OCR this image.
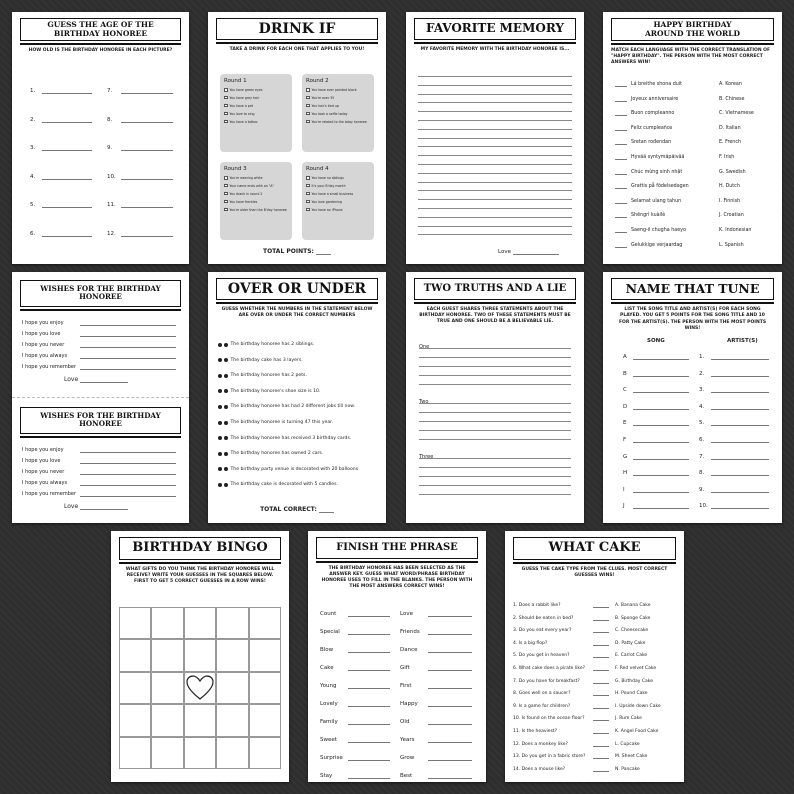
GUESS THE AGE OF THE
BIRTHDAY HONOREE
HOW OLD IS THE BIRTHDAY HONOREE IN EACH PICTURE?
1.	7.
2.	8.
3.	9.
4.	10.
5.	11.
6.	12.
DRINK IF
TAKE A DRINK FOR EACH ONE THAT APPLIES TO YOU!
TOTAL POINTS: _____
Round 1
You have green eyes
You have grey hair
You have a pet
You love to sing
You have a tattoo
Round 2
You have ever painted black
You're over 35
You hair's tied up
You took a selfie today
You're related to the bday honoree
Round 3
You're wearing white
Your name ends with an "A"
You drank in round 2
You have freckles
You're older than the B'day honoree
Round 4
You have no siblings
It's your B'day month
You have a small business
You love gardening
You have an iPhone
FAVORITE MEMORY
MY FAVORITE MEMORY WITH THE BIRTHDAY HONOREE IS...
Love
HAPPY BIRTHDAY
AROUND THE WORLD
MATCH EACH LANGUAGE WITH THE CORRECT TRANSLATION OF "HAPPY BIRTHDAY". THE PERSON WITH THE MOST CORRECT ANSWERS WIN!
Lá breithe shona duit	A. Korean
Joyeux anniversaire	B. Chinese
Buon compleanno	C. Vietnamese
Feliz cumpleaños	D. Italian
Sretan rođendan	E. French
Hyvää syntymäpäivää	F. Irish
Chúc mừng sinh nhật	G. Swedish
Grattis på födelsedagen	H. Dutch
Selamat ulang tahun	I. Finnish
Shēngrì kuàilè	J. Croatian
Saeng-il chugha haeyo	K. Indonesian
Gelukkige verjaardag	L. Spanish
WISHES FOR THE BIRTHDAY HONOREE
I hope you enjoy
I hope you love
I hope you never
I hope you always
I hope you remember
Love
WISHES FOR THE BIRTHDAY HONOREE
I hope you enjoy
I hope you love
I hope you never
I hope you always
I hope you remember
Love
OVER OR UNDER
GUESS WHETHER THE NUMBERS IN THE STATEMENT BELOW ARE OVER OR UNDER THE CORRECT NUMBERS
TOTAL CORRECT: _____
The birthday honoree has 2 siblings.
The birthday cake has 3 layers.
The birthday honoree has 2 pets.
The birthday honoree's shoe size is 10.
The birthday honoree has had 2 different jobs till now.
The birthday honoree is turning 47 this year.
The birthday honoree has received 3 birthday cards.
The birthday honoree has owned 2 cars.
The birthday party venue is decorated with 20 balloons
The birthday cake is decorated with 5 candles.
TWO TRUTHS AND A LIE
EACH GUEST SHARES THREE STATEMENTS ABOUT THE BIRTHDAY HONOREE. TWO OF THESE STATEMENTS MUST BE TRUE AND ONE SHOULD BE A BELIEVABLE LIE.
One
Two
Three
NAME THAT TUNE
LIST THE SONG TITLE AND ARTIST(S) FOR EACH SONG PLAYED. YOU GET 5 POINTS FOR THE SONG TITLE AND 10 FOR THE ARTIST(S). THE PERSON WITH THE MOST POINTS WINS!
SONG	ARTIST(S)
A	1.
B	2.
C	3.
D	4.
E	5.
F	6.
G	7.
H	8.
I	9.
J	10.
BIRTHDAY BINGO
WHAT GIFTS DO YOU THINK THE BIRTHDAY HONOREE WILL RECEIVE? WRITE YOUR GUESSES IN THE SQUARES BELOW. FIRST TO GET 5 CORRECT GUESSES IN A ROW WINS!
FINISH THE PHRASE
THE BIRTHDAY HONOREE HAS BEEN SELECTED AS THE ANSWER KEY. GUESS WHAT WORD/PHRASE BIRTHDAY HONOREE USES TO FILL IN THE BLANKS. THE PERSON WITH THE MOST ANSWERS CORRECT WINS!
Count	Love
Special	Friends
Blow	Dance
Cake	Gift
Young	First
Lovely	Happy
Family	Old
Sweet	Years
Surprise	Grow
Stay	Best
WHAT CAKE
GUESS THE CAKE TYPE FROM THE CLUES. MOST CORRECT GUESSES WINS!
1. Does a rabbit like?	A. Banana Cake
2. Should be eaten in bed?	B. Sponge Cake
3. Do you eat every year?	C. Cheesecake
4. Is a big flop?	D. Patty Cake
5. Do you get in heaven?	E. Carrot Cake
6. What cake does a pirate like?	F. Red velvet Cake
7. Do you have for breakfast?	G. Birthday Cake
8. Goes well on a saucer?	H. Pound Cake
9. Is a game for children?	I. Upside down Cake
10. Is found on the ocean floor?	J. Rum Cake
11. Is the heaviest?	K. Angel Food Cake
12. Does a monkey like?	L. Cupcake
13. Do you get in a fabric store?	M. Sheet Cake
14. Does a mouse like?	N. Pancake
